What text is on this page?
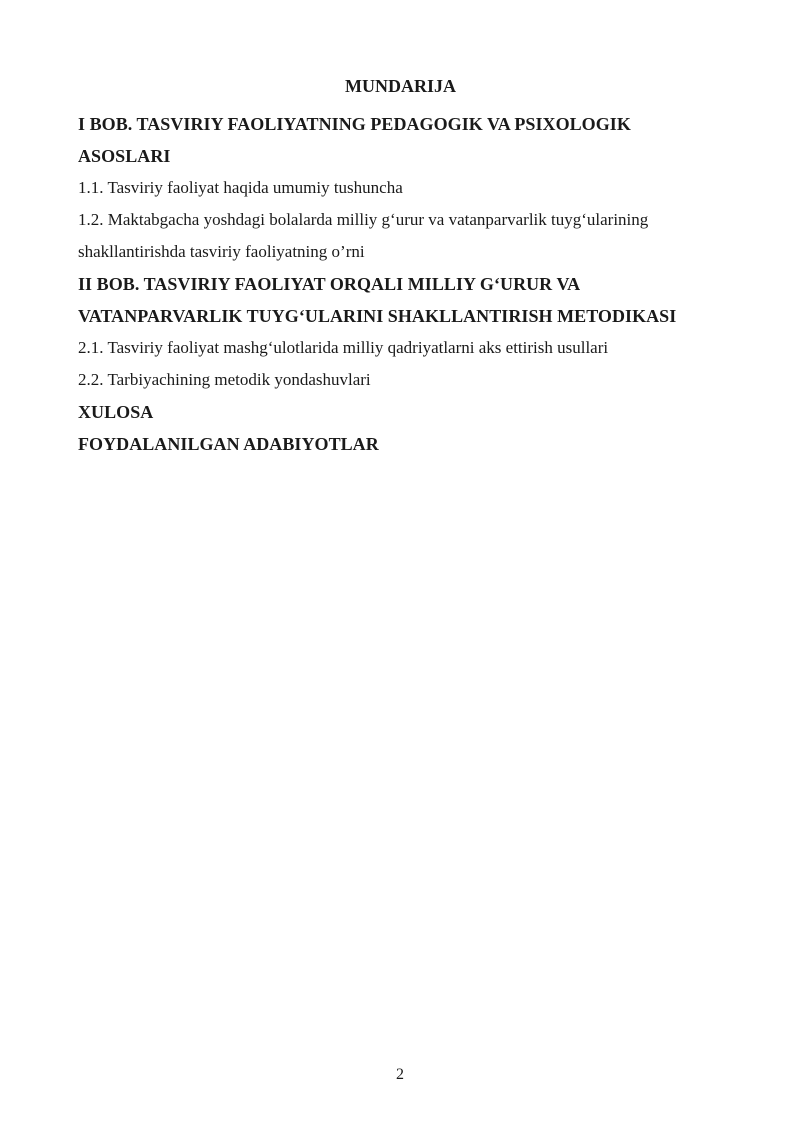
MUNDARIJA

I BOB. TASVIRIY FAOLIYATNING PEDAGOGIK VA PSIXOLOGIK

ASOSLARI

1.1. Tasviriy faoliyat haqida umumiy tushuncha

1.2. Maktabgacha yoshdagi bolalarda milliy g‘urur va vatanparvarlik tuyg‘ularining

shakllantirishda tasviriy faoliyatning o’rni

II BOB. TASVIRIY FAOLIYAT ORQALI MILLIY G‘URUR VA

VATANPARVARLIK TUYG‘ULARINI SHAKLLANTIRISH METODIKASI

2.1. Tasviriy faoliyat mashg‘ulotlarida milliy qadriyatlarni aks ettirish usullari

2.2. Tarbiyachining metodik yondashuvlari

XULOSA

FOYDALANILGAN ADABIYOTLAR

2
